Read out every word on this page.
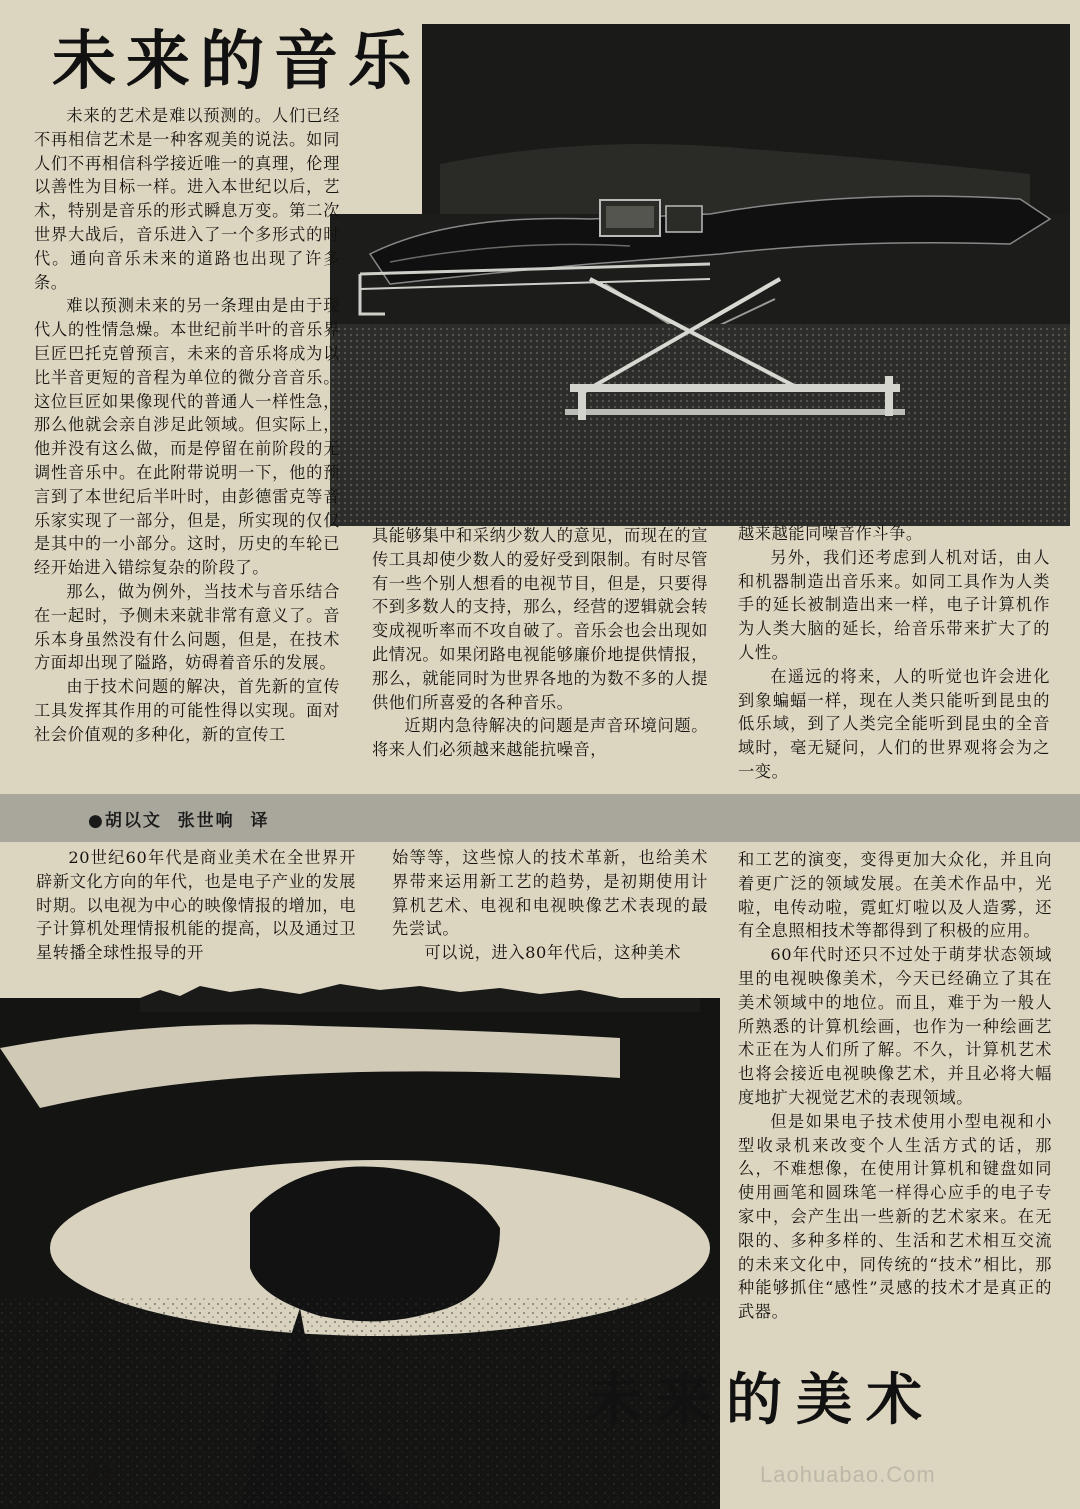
未来的音乐

未来的艺术是难以预测的。人们已经不再相信艺术是一种客观美的说法。如同人们不再相信科学接近唯一的真理，伦理以善性为目标一样。进入本世纪以后，艺术，特别是音乐的形式瞬息万变。第二次世界大战后，音乐进入了一个多形式的时代。通向音乐未来的道路也出现了许多条。

难以预测未来的另一条理由是由于现代人的性情急燥。本世纪前半叶的音乐界巨匠巴托克曾预言，未来的音乐将成为以比半音更短的音程为单位的微分音音乐。这位巨匠如果像现代的普通人一样性急，那么他就会亲自涉足此领域。但实际上，他并没有这么做，而是停留在前阶段的无调性音乐中。在此附带说明一下，他的预言到了本世纪后半叶时，由彭德雷克等音乐家实现了一部分，但是，所实现的仅仅是其中的一小部分。这时，历史的车轮已经开始进入错综复杂的阶段了。

那么，做为例外，当技术与音乐结合在一起时，予侧未来就非常有意义了。音乐本身虽然没有什么问题，但是，在技术方面却出现了隘路，妨碍着音乐的发展。

由于技术问题的解决，首先新的宣传工具发挥其作用的可能性得以实现。面对社会价值观的多种化，新的宣传工

具能够集中和采纳少数人的意见，而现在的宣传工具却使少数人的爱好受到限制。有时尽管有一些个别人想看的电视节目，但是，只要得不到多数人的支持，那么，经营的逻辑就会转变成视听率而不攻自破了。音乐会也会出现如此情况。如果闭路电视能够廉价地提供情报，那么，就能同时为世界各地的为数不多的人提供他们所喜爱的各种音乐。

近期内急待解决的问题是声音环境问题。将来人们必须越来越能抗噪音，

越来越能同噪音作斗争。

另外，我们还考虑到人机对话，由人和机器制造出音乐来。如同工具作为人类手的延长被制造出来一样，电子计算机作为人类大脑的延长，给音乐带来扩大了的人性。

在遥远的将来，人的听觉也许会进化到象蝙蝠一样，现在人类只能听到昆虫的低乐域，到了人类完全能听到昆虫的全音域时，毫无疑问，人们的世界观将会为之一变。

●胡以文  张世响  译

20世纪60年代是商业美术在全世界开辟新文化方向的年代，也是电子产业的发展时期。以电视为中心的映像情报的增加，电子计算机处理情报机能的提高，以及通过卫星转播全球性报导的开

始等等，这些惊人的技术革新，也给美术界带来运用新工艺的趋势，是初期使用计算机艺术、电视和电视映像艺术表现的最先尝试。

可以说，进入80年代后，这种美术

和工艺的演变，变得更加大众化，并且向着更广泛的领域发展。在美术作品中，光啦，电传动啦，霓虹灯啦以及人造雾，还有全息照相技术等都得到了积极的应用。

60年代时还只不过处于萌芽状态领域里的电视映像美术，今天已经确立了其在美术领域中的地位。而且，难于为一般人所熟悉的计算机绘画，也作为一种绘画艺术正在为人们所了解。不久，计算机艺术也将会接近电视映像艺术，并且必将大幅度地扩大视觉艺术的表现领域。

但是如果电子技术使用小型电视和小型收录机来改变个人生活方式的话，那么，不难想像，在使用计算机和键盘如同使用画笔和圆珠笔一样得心应手的电子专家中，会产生出一些新的艺术家来。在无限的、多种多样的、生活和艺术相互交流的未来文化中，同传统的“技术”相比，那种能够抓住“感性”灵感的技术才是真正的武器。

未来的美术
26	Laohuabao.Com
